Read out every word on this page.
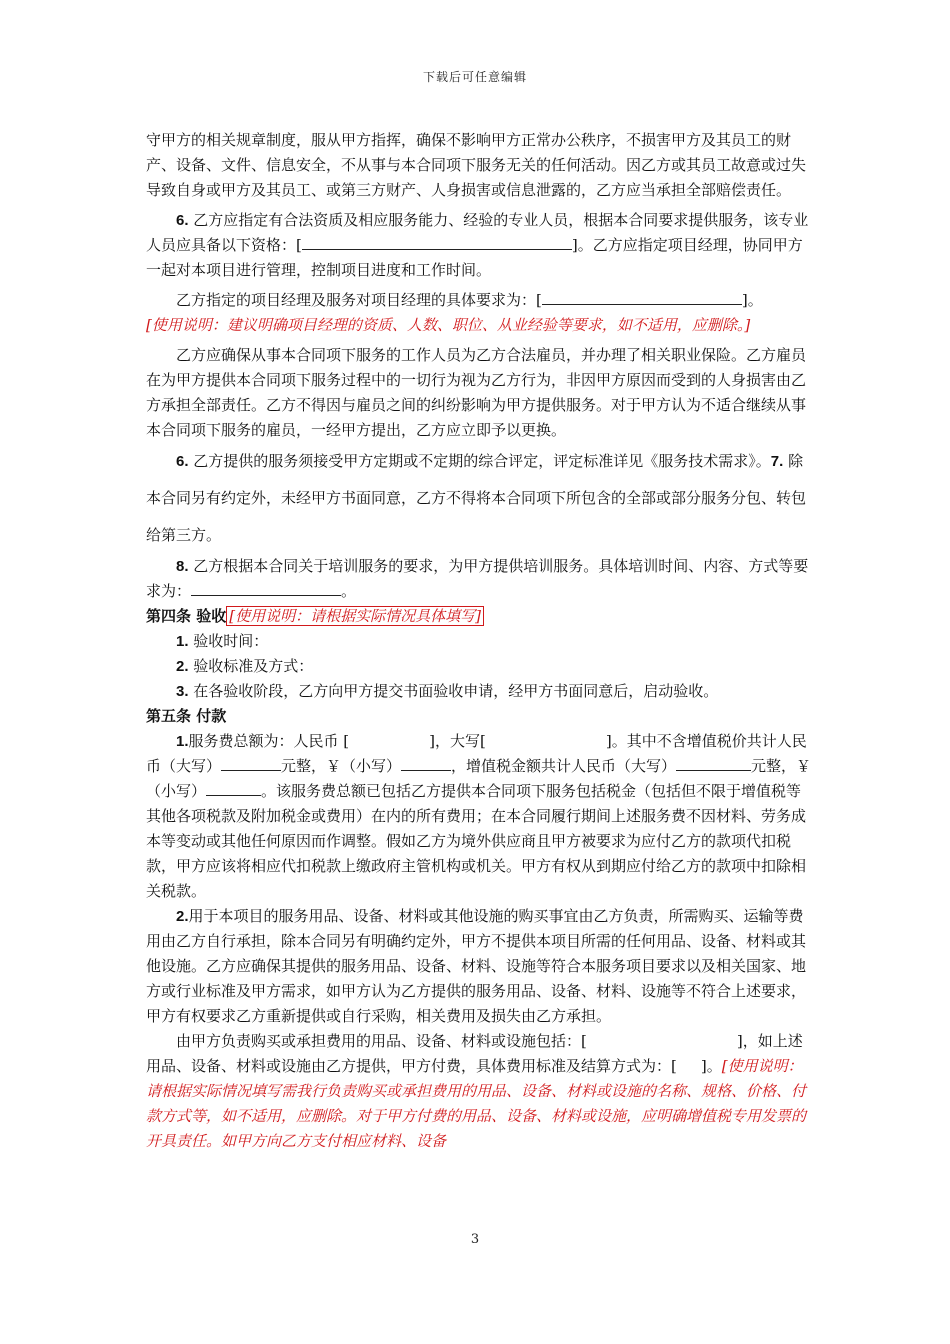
下载后可任意编辑

守甲方的相关规章制度，服从甲方指挥，确保不影响甲方正常办公秩序，不损害甲方及其员工的财产、设备、文件、信息安全，不从事与本合同项下服务无关的任何活动。因乙方或其员工故意或过失导致自身或甲方及其员工、或第三方财产、人身损害或信息泄露的，乙方应当承担全部赔偿责任。

6. 乙方应指定有合法资质及相应服务能力、经验的专业人员，根据本合同要求提供服务，该专业人员应具备以下资格：[	]。乙方应指定项目经理，协同甲方一起对本项目进行管理，控制项目进度和工作时间。

乙方指定的项目经理及服务对项目经理的具体要求为：[	]。

[使用说明：建议明确项目经理的资质、人数、职位、从业经验等要求，如不适用，应删除。]

乙方应确保从事本合同项下服务的工作人员为乙方合法雇员，并办理了相关职业保险。乙方雇员在为甲方提供本合同项下服务过程中的一切行为视为乙方行为，非因甲方原因而受到的人身损害由乙方承担全部责任。乙方不得因与雇员之间的纠纷影响为甲方提供服务。对于甲方认为不适合继续从事本合同项下服务的雇员，一经甲方提出，乙方应立即予以更换。

6. 乙方提供的服务须接受甲方定期或不定期的综合评定，评定标准详见《服务技术需求》。7. 除本合同另有约定外，未经甲方书面同意，乙方不得将本合同项下所包含的全部或部分服务分包、转包给第三方。

8. 乙方根据本合同关于培训服务的要求，为甲方提供培训服务。具体培训时间、内容、方式等要求为：	。

第四条 验收 [使用说明：请根据实际情况具体填写]

1. 验收时间：

2. 验收标准及方式：

3. 在各验收阶段，乙方向甲方提交书面验收申请，经甲方书面同意后，启动验收。

第五条 付款

1.服务费总额为：人民币 [	]，大写[	]。其中不含增值税价共计人民币（大写）	元整，￥（小写）	，增值税金额共计人民币（大写）	元整，￥（小写）	。该服务费总额已包括乙方提供本合同项下服务包括税金（包括但不限于增值税等其他各项税款及附加税金或费用）在内的所有费用；在本合同履行期间上述服务费不因材料、劳务成本等变动或其他任何原因而作调整。假如乙方为境外供应商且甲方被要求为应付乙方的款项代扣税款，甲方应该将相应代扣税款上缴政府主管机构或机关。甲方有权从到期应付给乙方的款项中扣除相关税款。

2.用于本项目的服务用品、设备、材料或其他设施的购买事宜由乙方负责，所需购买、运输等费用由乙方自行承担，除本合同另有明确约定外，甲方不提供本项目所需的任何用品、设备、材料或其他设施。乙方应确保其提供的服务用品、设备、材料、设施等符合本服务项目要求以及相关国家、地方或行业标准及甲方需求，如甲方认为乙方提供的服务用品、设备、材料、设施等不符合上述要求，甲方有权要求乙方重新提供或自行采购，相关费用及损失由乙方承担。

由甲方负责购买或承担费用的用品、设备、材料或设施包括：[	]，如上述用品、设备、材料或设施由乙方提供，甲方付费，具体费用标准及结算方式为：[ ]。[使用说明：请根据实际情况填写需我行负责购买或承担费用的用品、设备、材料或设施的名称、规格、价格、付款方式等，如不适用，应删除。对于甲方付费的用品、设备、材料或设施，应明确增值税专用发票的开具责任。如甲方向乙方支付相应材料、设备

3
